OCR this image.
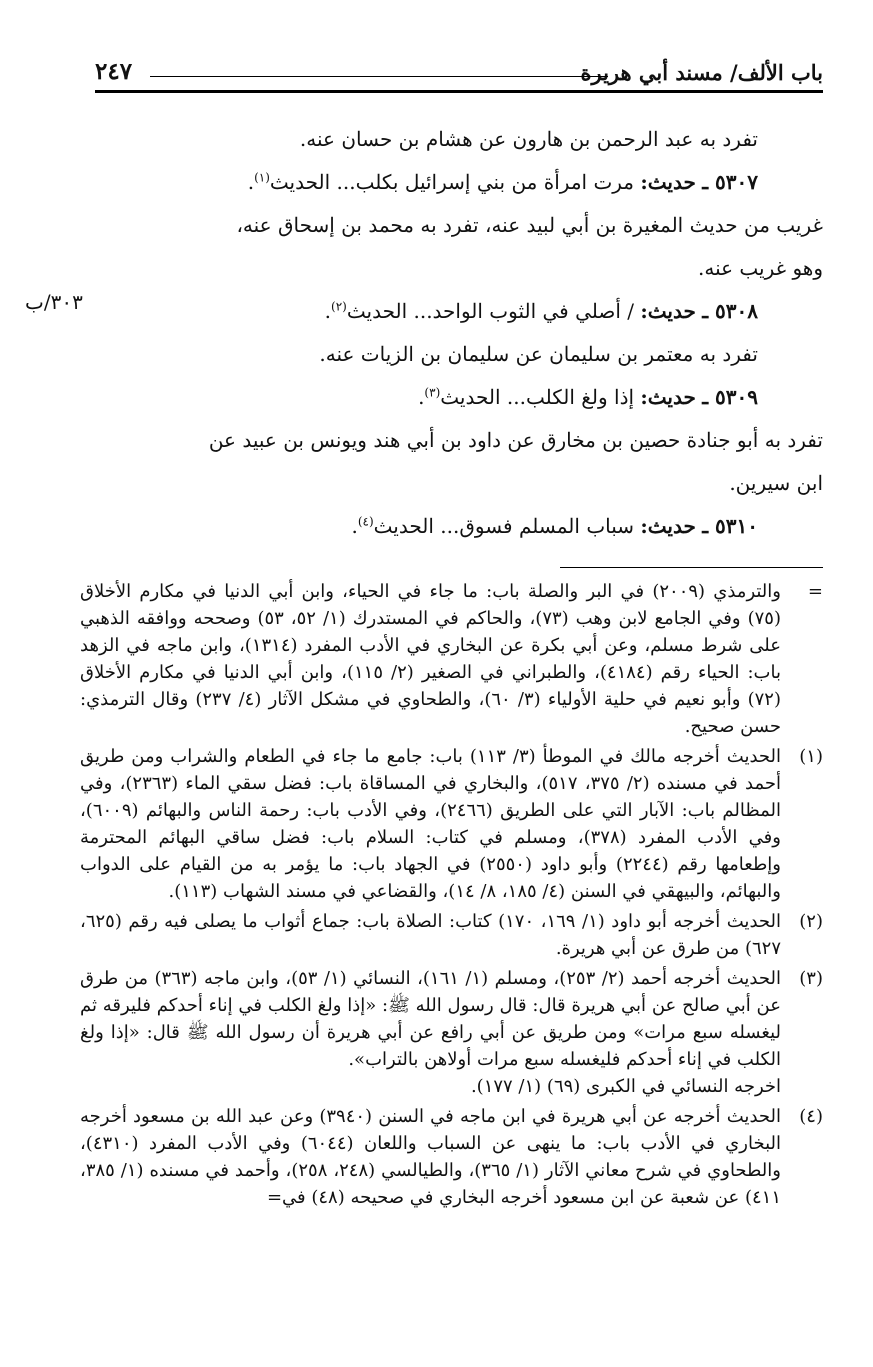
باب الألف/ مسند أبي هريرة
٢٤٧
٣٠٣/ب

تفرد به عبد الرحمن بن هارون عن هشام بن حسان عنه.

٥٣٠٧ ـ حديث: مرت امرأة من بني إسرائيل بكلب... الحديث$^{(١)}$.

غريب من حديث المغيرة بن أبي لبيد عنه، تفرد به محمد بن إسحاق عنه،

وهو غريب عنه.

٥٣٠٨ ـ حديث: / أصلي في الثوب الواحد... الحديث$^{(٢)}$.

تفرد به معتمر بن سليمان عن سليمان بن الزيات عنه.

٥٣٠٩ ـ حديث: إذا ولغ الكلب... الحديث$^{(٣)}$.

تفرد به أبو جنادة حصين بن مخارق عن داود بن أبي هند ويونس بن عبيد عن

ابن سيرين.

٥٣١٠ ـ حديث: سباب المسلم فسوق... الحديث$^{(٤)}$.

=
والترمذي (٢٠٠٩) في البر والصلة باب: ما جاء في الحياء، وابن أبي الدنيا في مكارم الأخلاق (٧٥) وفي الجامع لابن وهب (٧٣)، والحاكم في المستدرك (١/ ٥٢، ٥٣) وصححه ووافقه الذهبي على شرط مسلم، وعن أبي بكرة عن البخاري في الأدب المفرد (١٣١٤)، وابن ماجه في الزهد باب: الحياء رقم (٤١٨٤)، والطبراني في الصغير (٢/ ١١٥)، وابن أبي الدنيا في مكارم الأخلاق (٧٢) وأبو نعيم في حلية الأولياء (٣/ ٦٠)، والطحاوي في مشكل الآثار (٤/ ٢٣٧) وقال الترمذي: حسن صحيح.
(١)
الحديث أخرجه مالك في الموطأ (٣/ ١١٣) باب: جامع ما جاء في الطعام والشراب ومن طريق أحمد في مسنده (٢/ ٣٧٥، ٥١٧)، والبخاري في المساقاة باب: فضل سقي الماء (٢٣٦٣)، وفي المظالم باب: الآبار التي على الطريق (٢٤٦٦)، وفي الأدب باب: رحمة الناس والبهائم (٦٠٠٩)، وفي الأدب المفرد (٣٧٨)، ومسلم في كتاب: السلام باب: فضل ساقي البهائم المحترمة وإطعامها رقم (٢٢٤٤) وأبو داود (٢٥٥٠) في الجهاد باب: ما يؤمر به من القيام على الدواب والبهائم، والبيهقي في السنن (٤/ ١٨٥، ٨/ ١٤)، والقضاعي في مسند الشهاب (١١٣).
(٢)
الحديث أخرجه أبو داود (١/ ١٦٩، ١٧٠) كتاب: الصلاة باب: جماع أثواب ما يصلى فيه رقم (٦٢٥، ٦٢٧) من طرق عن أبي هريرة.
(٣)
الحديث أخرجه أحمد (٢/ ٢٥٣)، ومسلم (١/ ١٦١)، النسائي (١/ ٥٣)، وابن ماجه (٣٦٣) من طرق عن أبي صالح عن أبي هريرة قال: قال رسول الله ﷺ: «إذا ولغ الكلب في إناء أحدكم فليرقه ثم ليغسله سبع مرات» ومن طريق عن أبي رافع عن أبي هريرة أن رسول الله ﷺ قال: «إذا ولغ الكلب في إناء أحدكم فليغسله سبع مرات أولاهن بالتراب».
اخرجه النسائي في الكبرى (٦٩) (١/ ١٧٧).
(٤)
الحديث أخرجه عن أبي هريرة في ابن ماجه في السنن (٣٩٤٠) وعن عبد الله بن مسعود أخرجه البخاري في الأدب باب: ما ينهى عن السباب واللعان (٦٠٤٤) وفي الأدب المفرد (٤٣١٠)، والطحاوي في شرح معاني الآثار (١/ ٣٦٥)، والطيالسي (٢٤٨، ٢٥٨)، وأحمد في مسنده (١/ ٣٨٥، ٤١١) عن شعبة عن ابن مسعود أخرجه البخاري في صحيحه (٤٨) في=
